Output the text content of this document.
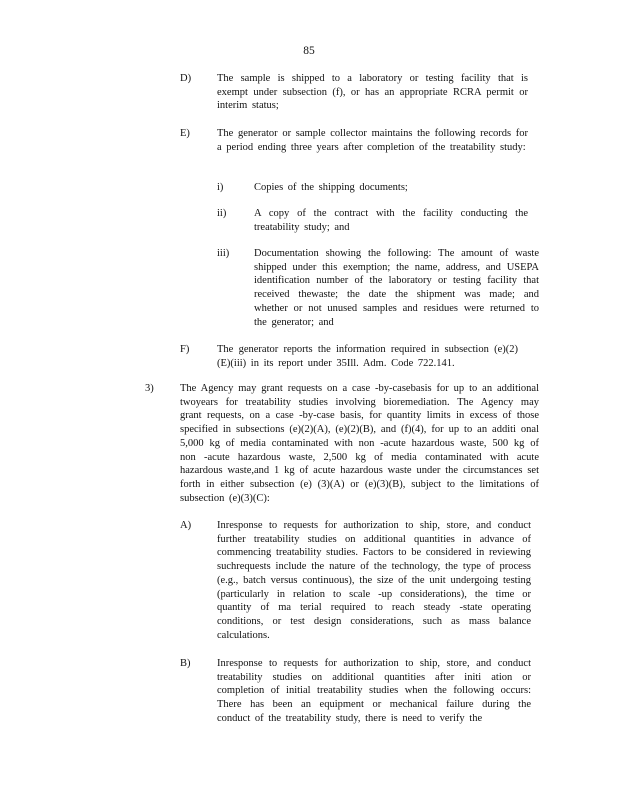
85
D) The sample is shipped to a laboratory or testing facility that is exempt under subsection (f), or has an appropriate RCRA permit or interim status;
E)	The generator or sample collector maintains the following records for a period ending three years after completion of the treatability study:
i)	Copies of the shipping documents;
ii)	A copy of the contract with the facility conducting the treatability study; and
iii) Documentation showing the following: The amount of waste shipped under this exemption; the name, address, and USEPA identification number of the laboratory or testing facility that received thewaste; the date the shipment was made; and whether or not unused samples and residues were returned to the generator; and
F)	The generator reports the information required in subsection (e)(2)(E)(iii) in its report under 35Ill. Adm. Code 722.141.
3)	The Agency may grant requests on a case -by-casebasis for up to an additional twoyears for treatability studies involving bioremediation. The Agency may grant requests, on a case -by-case basis, for quantity limits in excess of those specified in subsections (e)(2)(A), (e)(2)(B), and (f)(4), for up to an additi onal 5,000 kg of media contaminated with non -acute hazardous waste, 500 kg of non -acute hazardous waste, 2,500 kg of media contaminated with acute hazardous waste,and 1 kg of acute hazardous waste under the circumstances set forth in either subsection (e) (3)(A) or (e)(3)(B), subject to the limitations of subsection (e)(3)(C):
A) Inresponse to requests for authorization to ship, store, and conduct further treatability studies on additional quantities in advance of commencing treatability studies. Factors to be considered in reviewing suchrequests include the nature of the technology, the type of process (e.g., batch versus continuous), the size of the unit undergoing testing (particularly in relation to scale -up considerations), the time or quantity of ma terial required to reach steady -state operating conditions, or test design considerations, such as mass balance calculations.
B)	Inresponse to requests for authorization to ship, store, and conduct treatability studies on additional quantities after initi ation or completion of initial treatability studies when the following occurs: There has been an equipment or mechanical failure during the conduct of the treatability study, there is need to verify the
